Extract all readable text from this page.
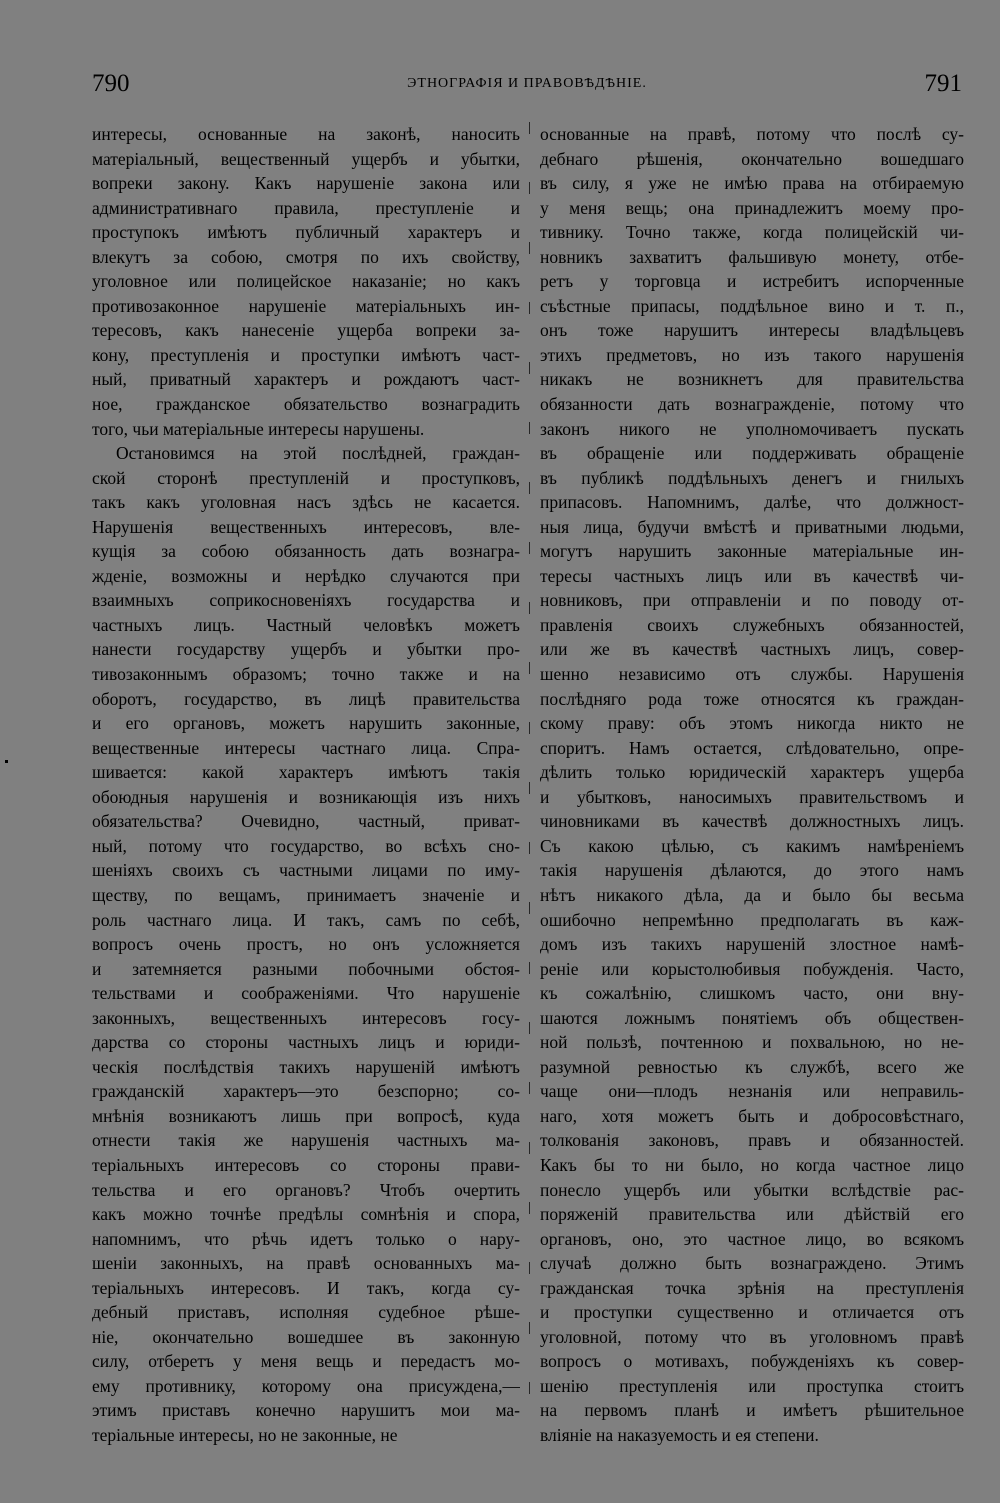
790	ЭТНОГРАФІЯ И ПРАВОВѢДѢНІЕ.	791
интересы, основанные на законѣ, наносить
матеріальный, вещественный ущербъ и убытки,
вопреки закону. Какъ нарушеніе закона или
административнаго правила, преступленіе и
проступокъ имѣютъ публичный характеръ и
влекутъ за собою, смотря по ихъ свойству,
уголовное или полицейское наказаніе; но какъ
противозаконное нарушеніе матеріальныхъ ин-
тересовъ, какъ нанесеніе ущерба вопреки за-
кону, преступленія и проступки имѣютъ част-
ный, приватный характеръ и рождаютъ част-
ное, гражданское обязательство вознаградить
того, чьи матеріальные интересы нарушены.
Остановимся на этой послѣдней, граждан-
ской сторонѣ преступленій и проступковъ,
такъ какъ уголовная насъ здѣсь не касается.
Нарушенія вещественныхъ интересовъ, вле-
кущія за собою обязанность дать вознагра-
жденіе, возможны и нерѣдко случаются при
взаимныхъ соприкосновеніяхъ государства и
частныхъ лицъ. Частный человѣкъ можетъ
нанести государству ущербъ и убытки про-
тивозаконнымъ образомъ; точно также и на
оборотъ, государство, въ лицѣ правительства
и его органовъ, можетъ нарушить законные,
вещественные интересы частнаго лица. Спра-
шивается: какой характеръ имѣютъ такія
обоюдныя нарушенія и возникающія изъ нихъ
обязательства? Очевидно, частный, приват-
ный, потому что государство, во всѣхъ сно-
шеніяхъ своихъ съ частными лицами по иму-
ществу, по вещамъ, принимаетъ значеніе и
роль частнаго лица. И такъ, самъ по себѣ,
вопросъ очень простъ, но онъ усложняется
и затемняется разными побочными обстоя-
тельствами и соображеніями. Что нарушеніе
законныхъ, вещественныхъ интересовъ госу-
дарства со стороны частныхъ лицъ и юриди-
ческія послѣдствія такихъ нарушеній имѣютъ
гражданскій характеръ—это безспорно; со-
мнѣнія возникаютъ лишь при вопросѣ, куда
отнести такія же нарушенія частныхъ ма-
теріальныхъ интересовъ со стороны прави-
тельства и его органовъ? Чтобъ очертить
какъ можно точнѣе предѣлы сомнѣнія и спора,
напомнимъ, что рѣчь идетъ только о нару-
шеніи законныхъ, на правѣ основанныхъ ма-
теріальныхъ интересовъ. И такъ, когда су-
дебный приставъ, исполняя судебное рѣше-
ніе, окончательно вошедшее въ законную
силу, отберетъ у меня вещь и передастъ мо-
ему противнику, которому она присуждена,—
этимъ приставъ конечно нарушитъ мои ма-
теріальные интересы, но не законные, не
основанные на правѣ, потому что послѣ су-
дебнаго рѣшенія, окончательно вошедшаго
въ силу, я уже не имѣю права на отбираемую
у меня вещь; она принадлежитъ моему про-
тивнику. Точно также, когда полицейскій чи-
новникъ захватитъ фальшивую монету, отбе-
ретъ у торговца и истребитъ испорченные
съѣстные припасы, поддѣльное вино и т. п.,
онъ тоже нарушитъ интересы владѣльцевъ
этихъ предметовъ, но изъ такого нарушенія
никакъ не возникнетъ для правительства
обязанности дать вознагражденіе, потому что
законъ никого не уполномочиваетъ пускать
въ обращеніе или поддерживать обращеніе
въ публикѣ поддѣльныхъ денегъ и гнилыхъ
припасовъ. Напомнимъ, далѣе, что должност-
ныя лица, будучи вмѣстѣ и приватными людьми,
могутъ нарушить законные матеріальные ин-
тересы частныхъ лицъ или въ качествѣ чи-
новниковъ, при отправленіи и по поводу от-
правленія своихъ служебныхъ обязанностей,
или же въ качествѣ частныхъ лицъ, совер-
шенно независимо отъ службы. Нарушенія
послѣдняго рода тоже относятся къ граждан-
скому праву: объ этомъ никогда никто не
споритъ. Намъ остается, слѣдовательно, опре-
дѣлить только юридическій характеръ ущерба
и убытковъ, наносимыхъ правительствомъ и
чиновниками въ качествѣ должностныхъ лицъ.
Съ какою цѣлью, съ какимъ намѣреніемъ
такія нарушенія дѣлаются, до этого намъ
нѣтъ никакого дѣла, да и было бы весьма
ошибочно непремѣнно предполагать въ каж-
домъ изъ такихъ нарушеній злостное намѣ-
реніе или корыстолюбивыя побужденія. Часто,
къ сожалѣнію, слишкомъ часто, они вну-
шаются ложнымъ понятіемъ объ обществен-
ной пользѣ, почтенною и похвальною, но не-
разумной ревностью къ службѣ, всего же
чаще они—плодъ незнанія или неправиль-
наго, хотя можетъ быть и добросовѣстнаго,
толкованія законовъ, правъ и обязанностей.
Какъ бы то ни было, но когда частное лицо
понесло ущербъ или убытки вслѣдствіе рас-
поряженій правительства или дѣйствій его
органовъ, оно, это частное лицо, во всякомъ
случаѣ должно быть вознаграждено. Этимъ
гражданская точка зрѣнія на преступленія
и проступки существенно и отличается отъ
уголовной, потому что въ уголовномъ правѣ
вопросъ о мотивахъ, побужденіяхъ къ совер-
шенію преступленія или проступка стоитъ
на первомъ планѣ и имѣетъ рѣшительное
вліяніе на наказуемость и ея степени.
